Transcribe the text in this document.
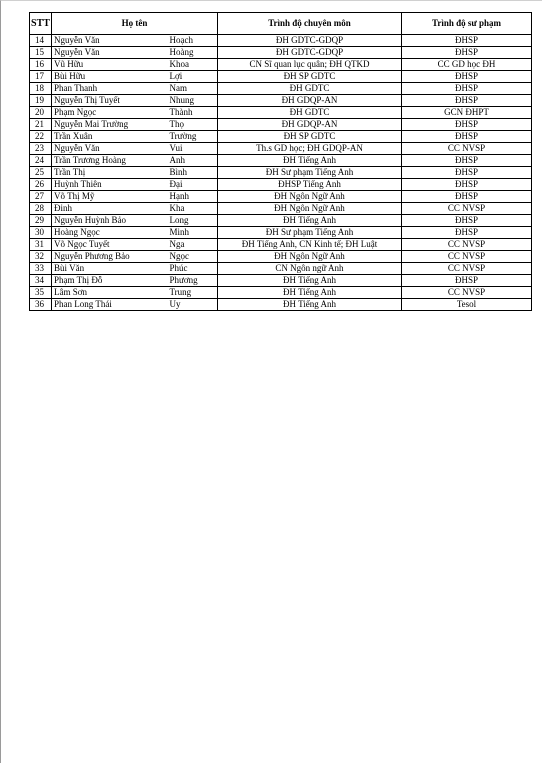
STT	Họ tên		Trình độ chuyên môn	Trình độ sư phạm
14	Nguyễn Văn	Hoạch	ĐH GDTC-GDQP	ĐHSP
15	Nguyễn Văn	Hoàng	ĐH GDTC-GDQP	ĐHSP
16	Vũ Hữu	Khoa	CN Sĩ quan lục quân; ĐH QTKD	CC GD học ĐH
17	Bùi Hữu	Lợi	ĐH SP GDTC	ĐHSP
18	Phan Thanh	Nam	ĐH GDTC	ĐHSP
19	Nguyễn Thị Tuyết	Nhung	ĐH GDQP-AN	ĐHSP
20	Phạm Ngọc	Thành	ĐH GDTC	GCN ĐHPT
21	Nguyễn Mai Trường	Thọ	ĐH GDQP-AN	ĐHSP
22	Trần Xuân	Trường	ĐH SP GDTC	ĐHSP
23	Nguyễn Văn	Vui	Th.s GD học; ĐH GDQP-AN	CC NVSP
24	Trần Trương Hoàng	Anh	ĐH Tiếng Anh	ĐHSP
25	Trần Thị	Bình	ĐH Sư phạm Tiếng Anh	ĐHSP
26	Huỳnh Thiên	Đại	ĐHSP Tiếng Anh	ĐHSP
27	Võ Thị Mỹ	Hạnh	ĐH Ngôn Ngữ Anh	ĐHSP
28	Đinh	Kha	ĐH Ngôn Ngữ Anh	CC NVSP
29	Nguyễn Huỳnh Bảo	Long	ĐH Tiếng Anh	ĐHSP
30	Hoàng Ngọc	Minh	ĐH Sư phạm Tiếng Anh	ĐHSP
31	Võ Ngọc Tuyết	Nga	ĐH Tiếng Anh, CN Kinh tế; ĐH Luật	CC NVSP
32	Nguyễn Phương Bảo	Ngọc	ĐH Ngôn Ngữ Anh	CC NVSP
33	Bùi Văn	Phúc	CN Ngôn ngữ Anh	CC NVSP
34	Phạm Thị Đỗ	Phương	ĐH Tiếng Anh	ĐHSP
35	Lâm Sơn	Trung	ĐH Tiếng Anh	CC NVSP
36	Phan Long Thái	Uy	ĐH Tiếng Anh	Tesol
